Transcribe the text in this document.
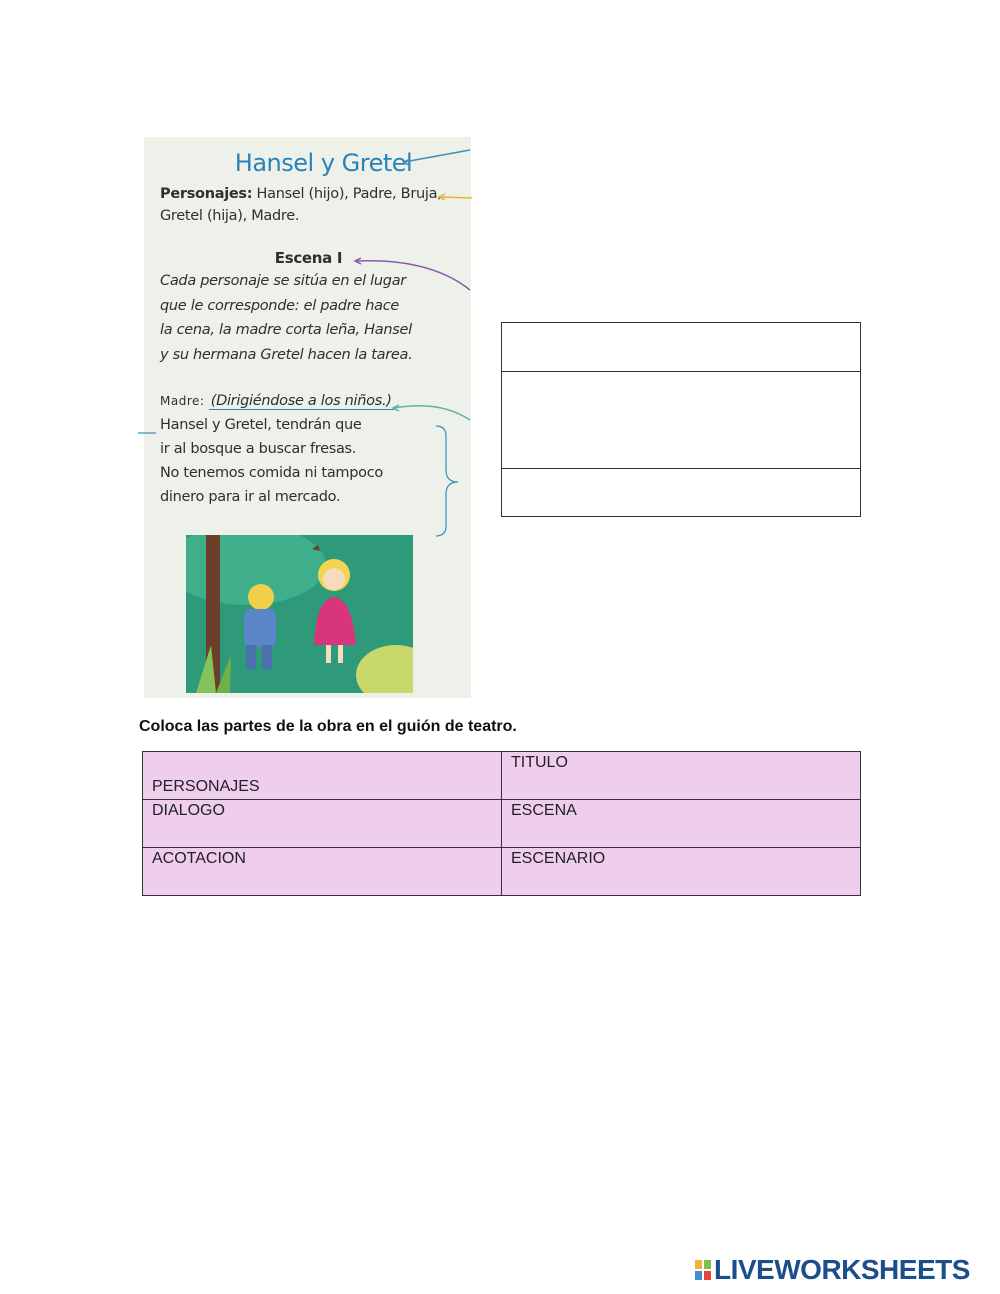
Hansel y Gretel
Personajes: Hansel (hijo), Padre, Bruja,
Gretel (hija), Madre.
Escena I
Cada personaje se sitúa en el lugar
que le corresponde: el padre hace
la cena, la madre corta leña, Hansel
y su hermana Gretel hacen la tarea.
Madre: (Dirigiéndose a los niños.)
Hansel y Gretel, tendrán que
ir al bosque a buscar fresas.
No tenemos comida ni tampoco
dinero para ir al mercado.
Coloca las partes de la obra en el guión de teatro.
PERSONAJES	TITULO

DIALOGO	ESCENA

ACOTACION	ESCENARIO
LIVEWORKSHEETS
